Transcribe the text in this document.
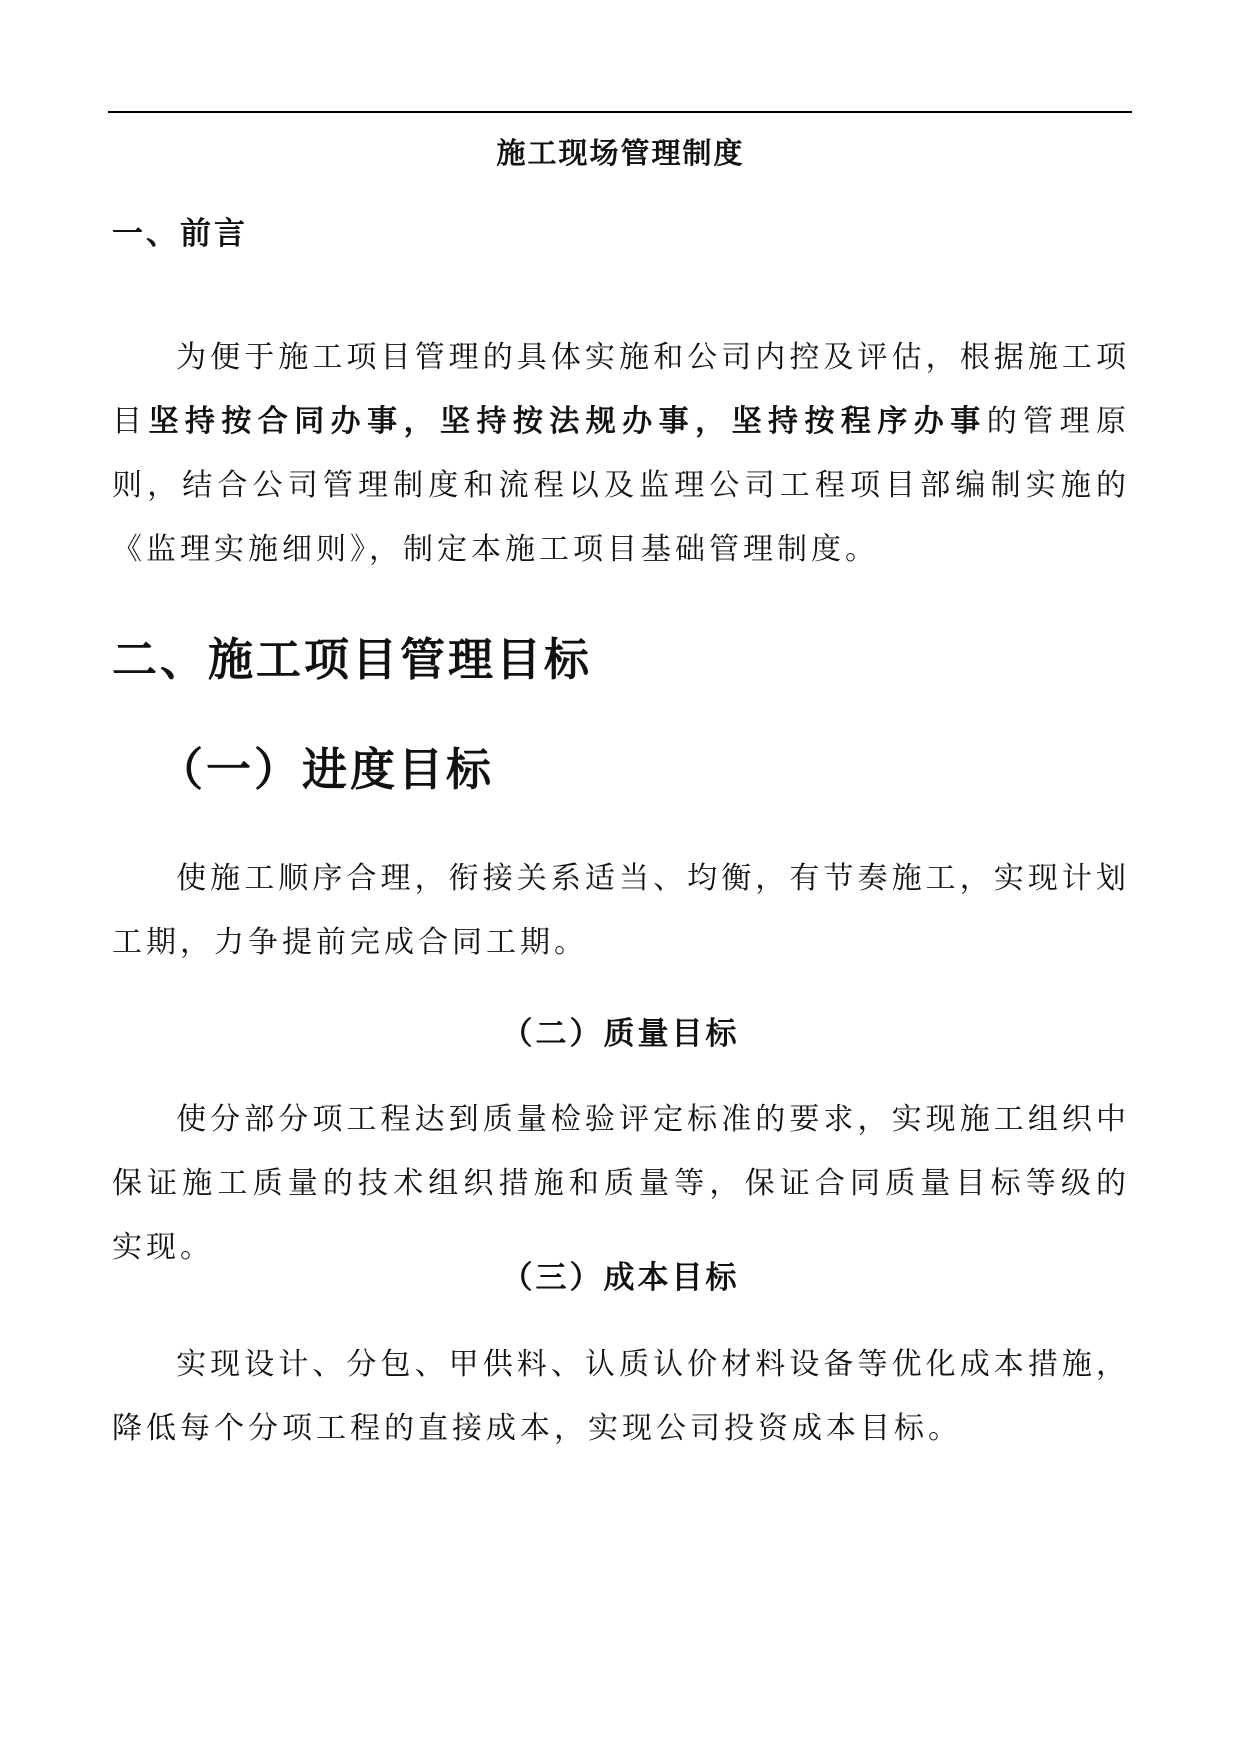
施工现场管理制度
一、前言

为便于施工项目管理的具体实施和公司内控及评估，根据施工项目坚持按合同办事，坚持按法规办事，坚持按程序办事的管理原则，结合公司管理制度和流程以及监理公司工程项目部编制实施的《监理实施细则》，制定本施工项目基础管理制度。

二、施工项目管理目标
（一）进度目标

使施工顺序合理，衔接关系适当、均衡，有节奏施工，实现计划工期，力争提前完成合同工期。

（二）质量目标

使分部分项工程达到质量检验评定标准的要求，实现施工组织中保证施工质量的技术组织措施和质量等，保证合同质量目标等级的实现。

（三）成本目标

实现设计、分包、甲供料、认质认价材料设备等优化成本措施，降低每个分项工程的直接成本，实现公司投资成本目标。
